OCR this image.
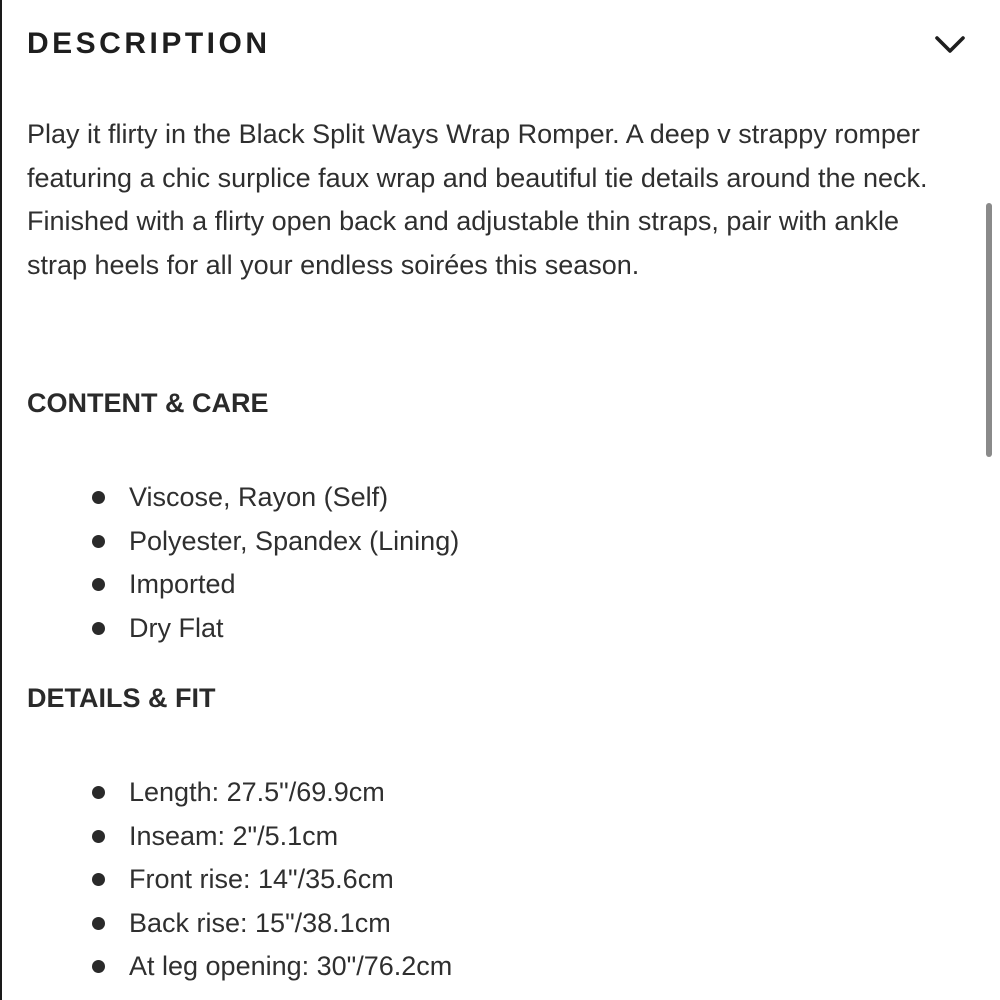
DESCRIPTION

Play it flirty in the Black Split Ways Wrap Romper. A deep v strappy romper featuring a chic surplice faux wrap and beautiful tie details around the neck. Finished with a flirty open back and adjustable thin straps, pair with ankle strap heels for all your endless soirées this season.

CONTENT & CARE
Viscose, Rayon (Self)
Polyester, Spandex (Lining)
Imported
Dry Flat
DETAILS & FIT
Length: 27.5"/69.9cm
Inseam: 2"/5.1cm
Front rise: 14"/35.6cm
Back rise: 15"/38.1cm
At leg opening: 30"/76.2cm
